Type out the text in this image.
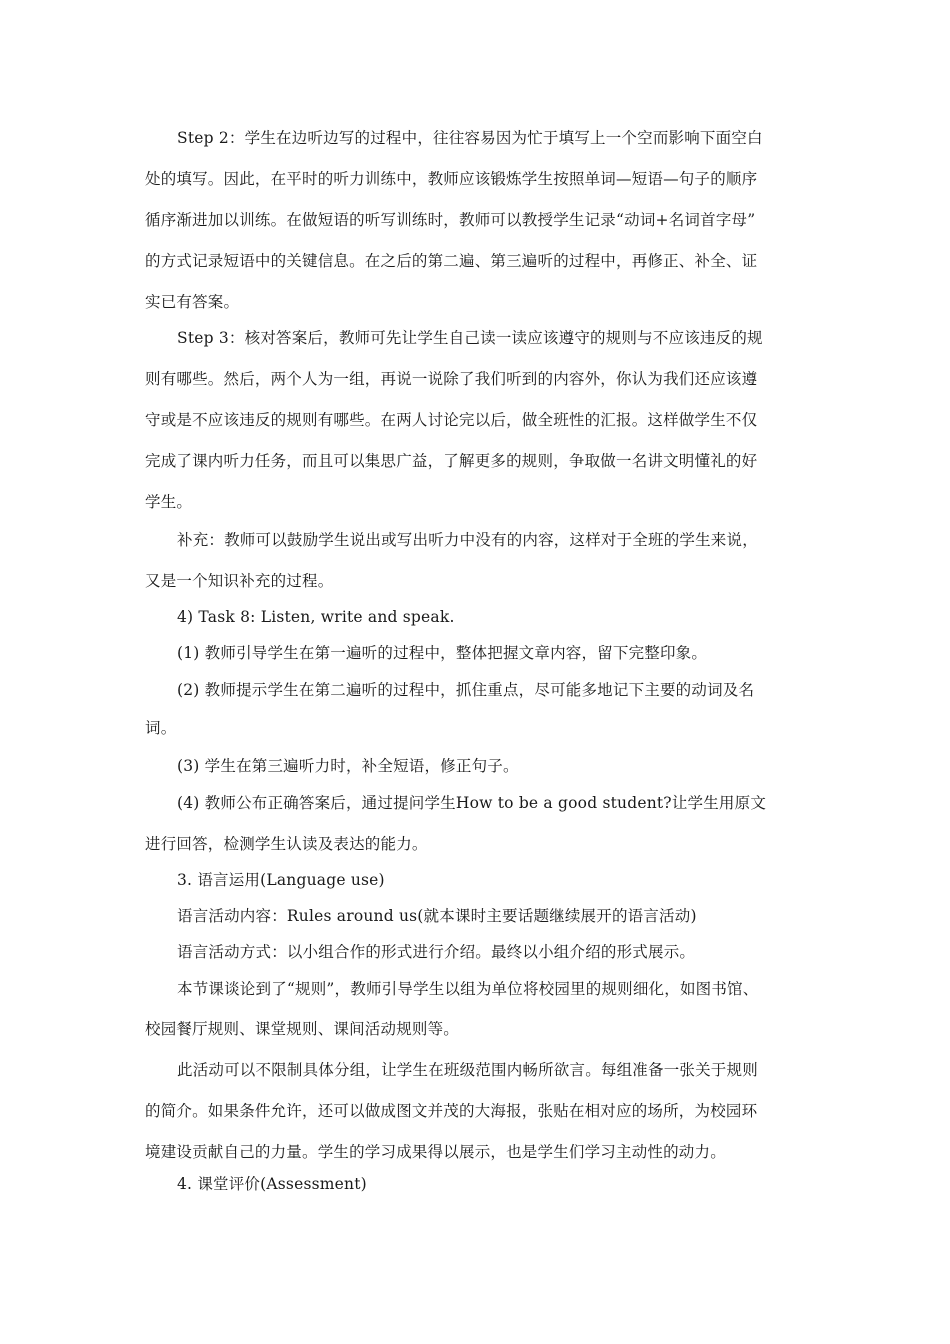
Step 2：学生在边听边写的过程中，往往容易因为忙于填写上一个空而影响下面空白
处的填写。因此，在平时的听力训练中，教师应该锻炼学生按照单词—短语—句子的顺序
循序渐进加以训练。在做短语的听写训练时，教师可以教授学生记录“动词+名词首字母”
的方式记录短语中的关键信息。在之后的第二遍、第三遍听的过程中，再修正、补全、证
实已有答案。
Step 3：核对答案后，教师可先让学生自己读一读应该遵守的规则与不应该违反的规
则有哪些。然后，两个人为一组，再说一说除了我们听到的内容外，你认为我们还应该遵
守或是不应该违反的规则有哪些。在两人讨论完以后，做全班性的汇报。这样做学生不仅
完成了课内听力任务，而且可以集思广益，了解更多的规则，争取做一名讲文明懂礼的好
学生。
补充：教师可以鼓励学生说出或写出听力中没有的内容，这样对于全班的学生来说，
又是一个知识补充的过程。
4) Task 8: Listen, write and speak.
(1) 教师引导学生在第一遍听的过程中，整体把握文章内容，留下完整印象。
(2) 教师提示学生在第二遍听的过程中，抓住重点，尽可能多地记下主要的动词及名
词。
(3) 学生在第三遍听力时，补全短语，修正句子。
(4) 教师公布正确答案后，通过提问学生How to be a good student?让学生用原文
进行回答，检测学生认读及表达的能力。
3. 语言运用(Language use)
语言活动内容：Rules around us(就本课时主要话题继续展开的语言活动)
语言活动方式：以小组合作的形式进行介绍。最终以小组介绍的形式展示。
本节课谈论到了“规则”，教师引导学生以组为单位将校园里的规则细化，如图书馆、
校园餐厅规则、课堂规则、课间活动规则等。
此活动可以不限制具体分组，让学生在班级范围内畅所欲言。每组准备一张关于规则
的简介。如果条件允许，还可以做成图文并茂的大海报，张贴在相对应的场所，为校园环
境建设贡献自己的力量。学生的学习成果得以展示，也是学生们学习主动性的动力。
4. 课堂评价(Assessment)
